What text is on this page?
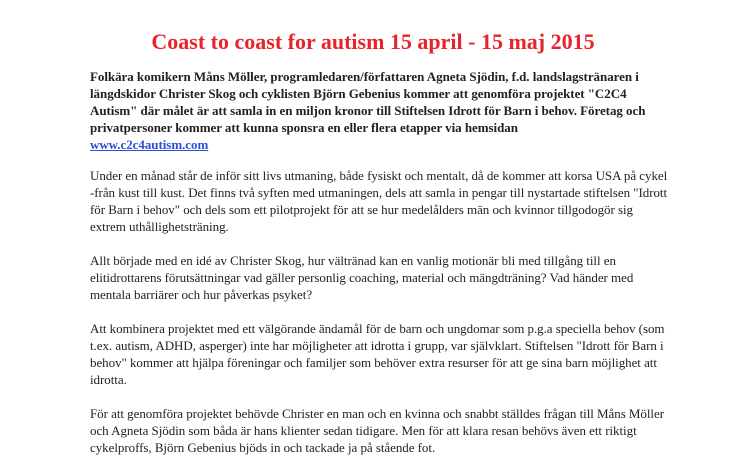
Coast to coast for autism 15 april - 15 maj 2015

Folkära komikern Måns Möller, programledaren/författaren Agneta Sjödin, f.d. landslagstränaren i längdskidor Christer Skog och cyklisten Björn Gebenius kommer att genomföra projektet "C2C4 Autism" där målet är att samla in en miljon kronor till Stiftelsen Idrott för Barn i behov. Företag och privatpersoner kommer att kunna sponsra en eller flera etapper via hemsidan
www.c2c4autism.com

Under en månad står de inför sitt livs utmaning, både fysiskt och mentalt, då de kommer att korsa USA på cykel -från kust till kust. Det finns två syften med utmaningen, dels att samla in pengar till nystartade stiftelsen "Idrott för Barn i behov" och dels som ett pilotprojekt för att se hur medelålders män och kvinnor tillgodogör sig extrem uthållighetsträning.

Allt började med en idé av Christer Skog, hur vältränad kan en vanlig motionär bli med tillgång till en elitidrottarens förutsättningar vad gäller personlig coaching, material och mängdträning? Vad händer med mentala barriärer och hur påverkas psyket?

Att kombinera projektet med ett välgörande ändamål för de barn och ungdomar som p.g.a speciella behov (som t.ex. autism, ADHD, asperger) inte har möjligheter att idrotta i grupp, var självklart. Stiftelsen "Idrott för Barn i behov" kommer att hjälpa föreningar och familjer som behöver extra resurser för att ge sina barn möjlighet att idrotta.

För att genomföra projektet behövde Christer en man och en kvinna och snabbt ställdes frågan till Måns Möller och Agneta Sjödin som båda är hans klienter sedan tidigare. Men för att klara resan behövs även ett riktigt cykelproffs, Björn Gebenius bjöds in och tackade ja på stående fot.
